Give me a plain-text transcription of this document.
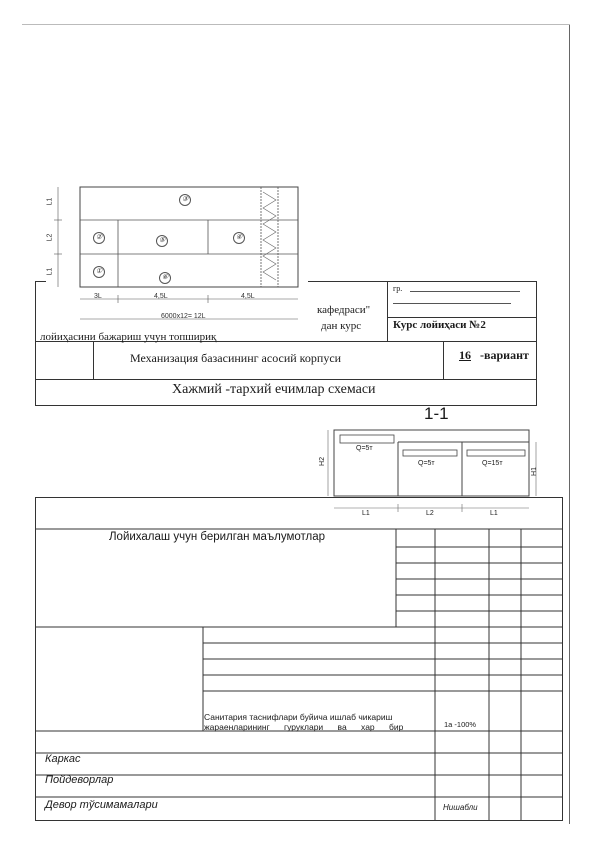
гр.
кафедраси"
дан курс
лойиҳасини бажариш учун топшириқ
Курс лойиҳаси №2
Механизация базасининг асосий корпуси	16 -вариант
Хажмий -тархий ечимлар схемаси
③
②	⑤	④
①
⑥
3L	4,5L	4,5L
6000x12= 12L
L1
L2
L1
1-1
Q=5т
Q=5т	Q=15т
L1	L2	L1
H2
H1
Лойихалаш учун берилган маълумотлар
Санитария таснифлари буйича ишлаб чикариш
жараенларининг гуруклари ва хар бир	1а -100%
Каркас
Пойдеворлар
Девор тўсимамалари	Нишабли
